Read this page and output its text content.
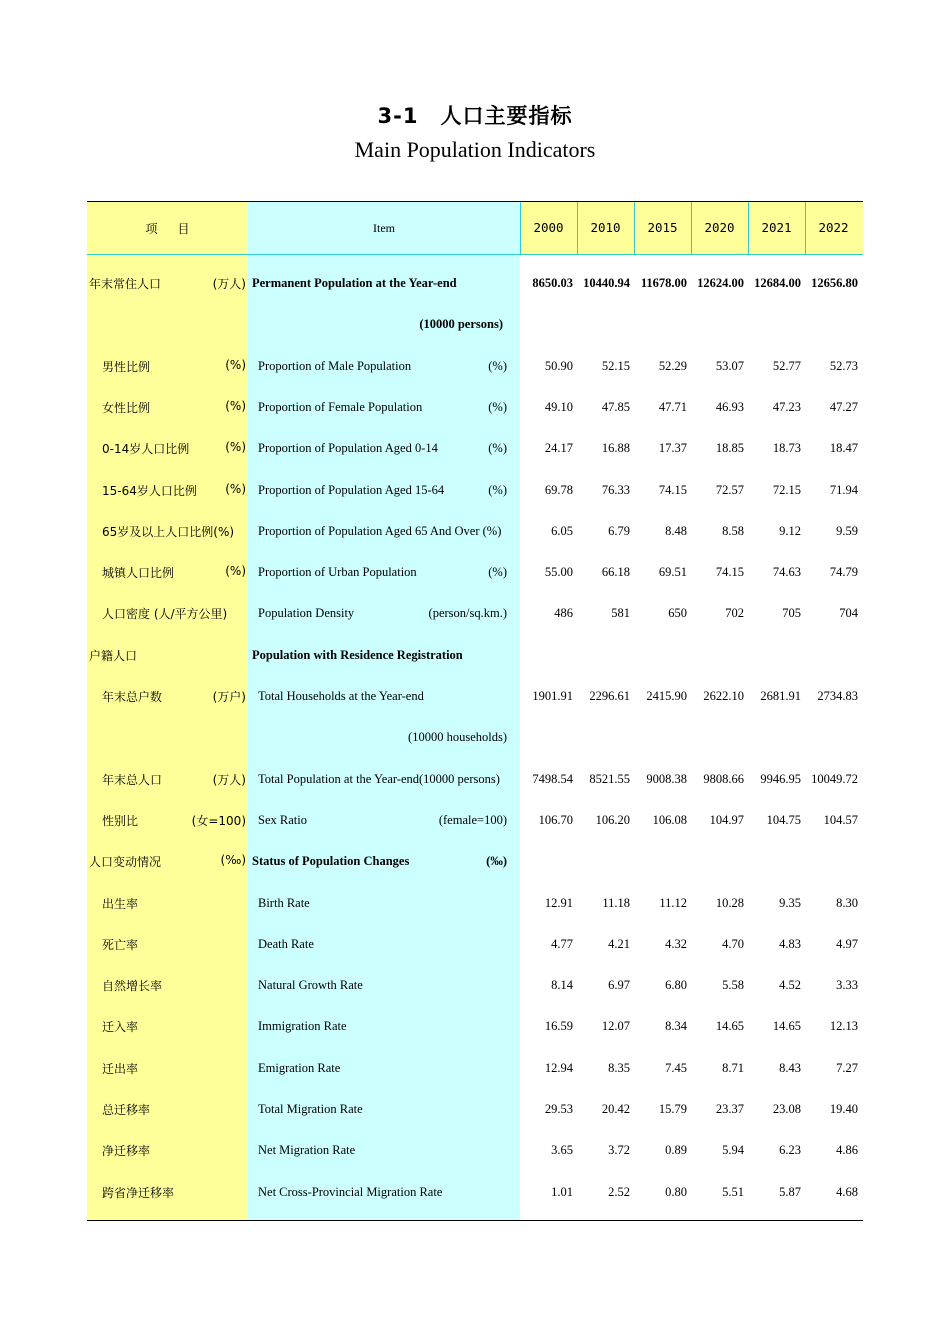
3-1　人口主要指标
Main Population Indicators
项 目	Item	2000	2010	2015	2020	2021	2022
年末常住人口	(万人) Permanent Population at the Year-end	8650.03 10440.94 11678.00 12624.00 12684.00 12656.80
(10000 persons)
男性比例	(%) Proportion of Male Population	(%)	50.90	52.15	52.29	53.07	52.77	52.73
女性比例	(%) Proportion of Female Population	(%)	49.10	47.85	47.71	46.93	47.23	47.27
0-14岁人口比例	(%) Proportion of Population Aged 0-14	(%)	24.17	16.88	17.37	18.85	18.73	18.47
15-64岁人口比例 (%) Proportion of Population Aged 15-64	(%)	69.78	76.33	74.15	72.57	72.15	71.94
65岁及以上人口比例(%) Proportion of Population Aged 65 And Over (%)	6.05	6.79	8.48	8.58	9.12	9.59
城镇人口比例	(%) Proportion of Urban Population	(%)	55.00	66.18	69.51	74.15	74.63	74.79
人口密度 (人/平方公里) Population Density	(person/sq.km.)	486	581	650	702	705	704
户籍人口	Population with Residence Registration
年末总户数	(万户) Total Households at the Year-end	1901.91	2296.61	2415.90	2622.10	2681.91	2734.83
(10000 households)
年末总人口	(万人) Total Population at the Year-end(10000 persons)	7498.54	8521.55	9008.38	9808.66	9946.95 10049.72
性别比	(女=100) Sex Ratio	(female=100)	106.70	106.20	106.08	104.97	104.75	104.57
人口变动情况	(‰) Status of Population Changes	(‰)
出生率	Birth Rate	12.91	11.18	11.12	10.28	9.35	8.30
死亡率	Death Rate	4.77	4.21	4.32	4.70	4.83	4.97
自然增长率	Natural Growth Rate	8.14	6.97	6.80	5.58	4.52	3.33
迁入率	Immigration Rate	16.59	12.07	8.34	14.65	14.65	12.13
迁出率	Emigration Rate	12.94	8.35	7.45	8.71	8.43	7.27
总迁移率	Total Migration Rate	29.53	20.42	15.79	23.37	23.08	19.40
净迁移率	Net Migration Rate	3.65	3.72	0.89	5.94	6.23	4.86
跨省净迁移率	Net Cross-Provincial Migration Rate	1.01	2.52	0.80	5.51	5.87	4.68
